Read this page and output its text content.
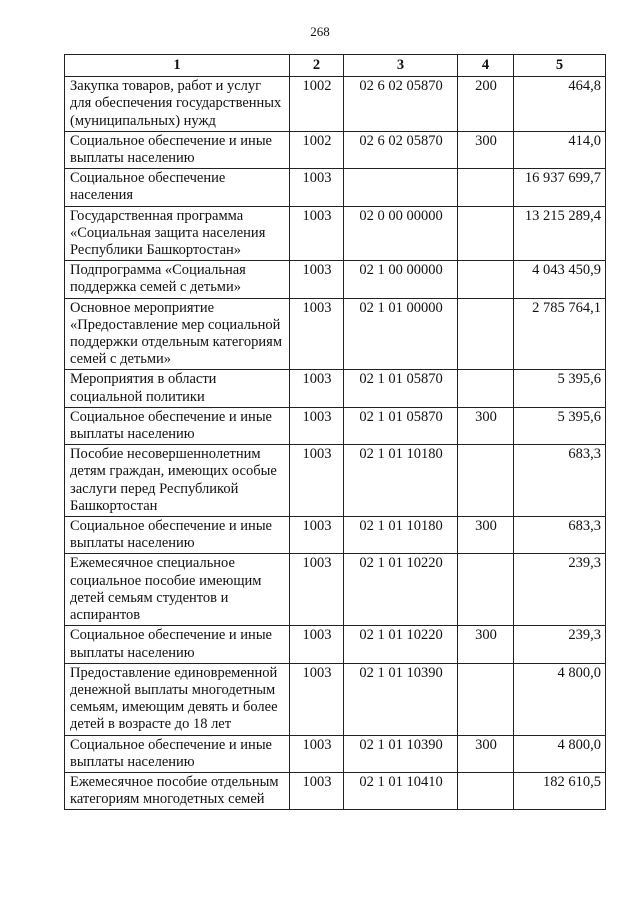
268
1	2	3	4	5
Закупка товаров, работ и услуг для обеспечения государственных (муниципальных) нужд	1002	02 6 02 05870	200	464,8
Социальное обеспечение и иные выплаты населению	1002	02 6 02 05870	300	414,0
Социальное обеспечение населения	1003			16 937 699,7
Государственная программа «Социальная защита населения Республики Башкортостан»	1003	02 0 00 00000		13 215 289,4
Подпрограмма «Социальная поддержка семей с детьми»	1003	02 1 00 00000		4 043 450,9
Основное мероприятие «Предоставление мер социальной поддержки отдельным категориям семей с детьми»	1003	02 1 01 00000		2 785 764,1
Мероприятия в области социальной политики	1003	02 1 01 05870		5 395,6
Социальное обеспечение и иные выплаты населению	1003	02 1 01 05870	300	5 395,6
Пособие несовершеннолетним детям граждан, имеющих особые заслуги перед Республикой Башкортостан	1003	02 1 01 10180		683,3
Социальное обеспечение и иные выплаты населению	1003	02 1 01 10180	300	683,3
Ежемесячное специальное социальное пособие имеющим детей семьям студентов и аспирантов	1003	02 1 01 10220		239,3
Социальное обеспечение и иные выплаты населению	1003	02 1 01 10220	300	239,3
Предоставление единовременной денежной выплаты многодетным семьям, имеющим девять и более детей в возрасте до 18 лет	1003	02 1 01 10390		4 800,0
Социальное обеспечение и иные выплаты населению	1003	02 1 01 10390	300	4 800,0
Ежемесячное пособие отдельным категориям многодетных семей	1003	02 1 01 10410		182 610,5
